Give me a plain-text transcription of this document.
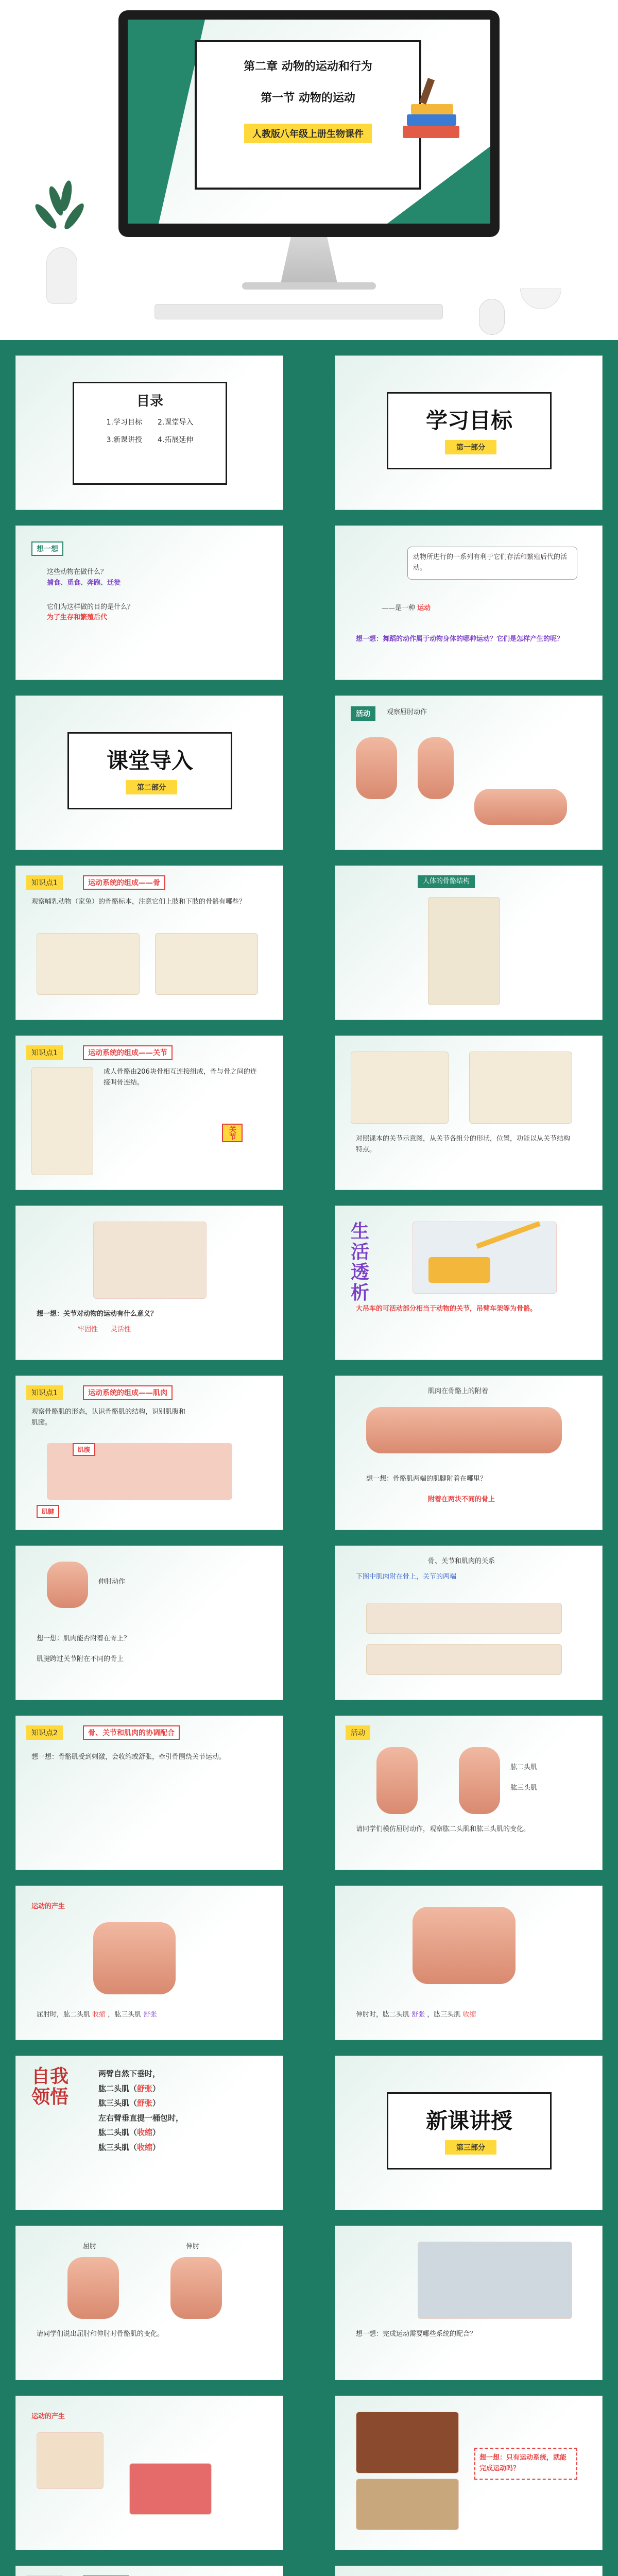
第二章 动物的运动和行为
第一节 动物的运动
人教版八年级上册生物课件
目录
1.学习目标 2.课堂导入
3.新课讲授 4.拓展延伸
学习目标
第一部分
想一想
这些动物在做什么？
捕食、觅食、奔跑、迁徙
它们为这样做的目的是什么？
为了生存和繁殖后代
动物所进行的一系列有利于它们存活和繁殖后代的活动。
——是一种 运动
想一想：舞蹈的动作属于动物身体的哪种运动？它们是怎样产生的呢？
课堂导入
第二部分
活动	观察屈肘动作
知识点1	运动系统的组成——骨
观察哺乳动物（家兔）的骨骼标本，注意它们上肢和下肢的骨骼有哪些？
人体的骨骼结构
知识点1	运动系统的组成——关节
成人骨骼由206块骨相互连接组成，骨与骨之间的连接叫骨连结。
关节	对照课本的关节示意图，从关节各组分的形状，位置，功能以从关节结构特点。
想一想：关节对动物的运动有什么意义？
牢固性 灵活性
生活透析
大吊车的可活动部分相当于动物的关节，吊臂车架等为骨骼。
知识点1	运动系统的组成——肌肉
观察骨骼肌的形态，认识骨骼肌的结构，识别肌腹和肌腱。
肌腹
肌腱
肌肉在骨骼上的附着
想一想：骨骼肌两端的肌腱附着在哪里？
附着在两块不同的骨上
伸肘动作
想一想：肌肉能否附着在骨上？
肌腱跨过关节附在不同的骨上
骨、关节和肌肉的关系
下图中肌肉附在骨上，关节的两端
知识点2	骨、关节和肌肉的协调配合
想一想：骨骼肌受到刺激，会收缩或舒张，牵引骨围绕关节运动。
活动
肱二头肌
肱三头肌
请同学们模仿屈肘动作，观察肱二头肌和肱三头肌的变化。
运动的产生
屈肘时，肱二头肌 收缩 ，肱三头肌 舒张	伸肘时，肱二头肌 舒张 ，肱三头肌 收缩
自我领悟
两臂自然下垂时，
肱二头肌（舒张）
肱三头肌（舒张）
左右臂垂直提一桶包时，
肱二头肌（收缩）
肱三头肌（收缩）
新课讲授
第三部分
屈肘	伸肘
请同学们说出屈肘和伸肘时骨骼肌的变化。	想一想：完成运动需要哪些系统的配合？
运动的产生
想一想：只有运动系统，就能完成运动吗？
